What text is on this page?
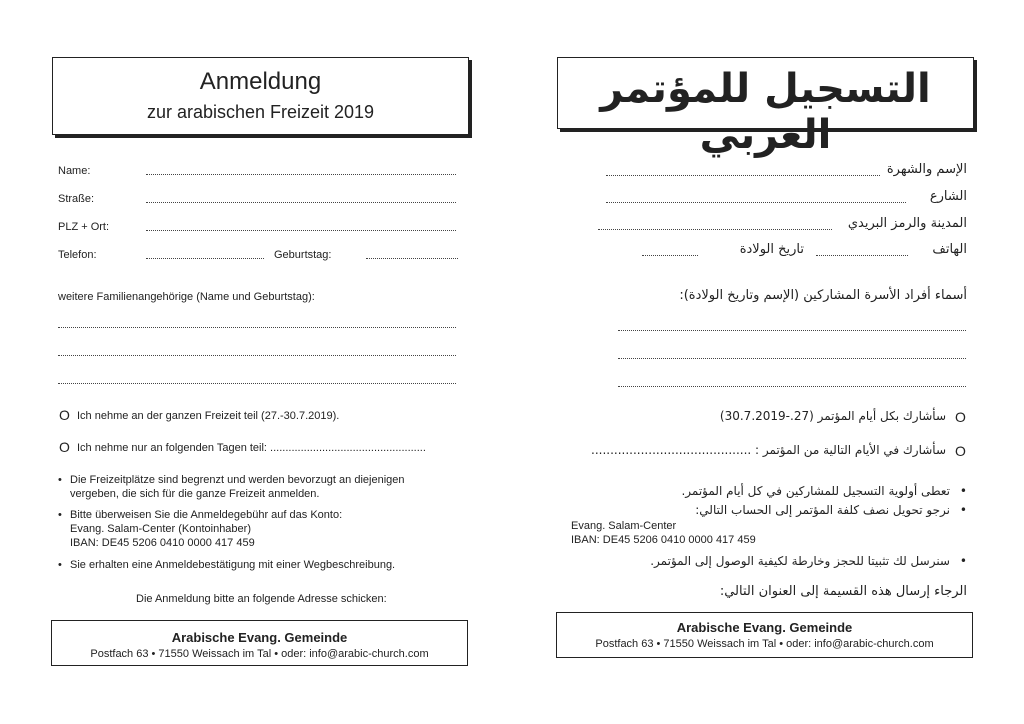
Anmeldung
zur arabischen Freizeit 2019
Name:
Straße:
PLZ + Ort:
Telefon:	Geburtstag:
weitere Familienangehörige (Name und Geburtstag):
O Ich nehme an der ganzen Freizeit teil (27.-30.7.2019).
O Ich nehme nur an folgenden Tagen teil: ...................................................
• Die Freizeitplätze sind begrenzt und werden bevorzugt an diejenigen
vergeben, die sich für die ganze Freizeit anmelden.
• Bitte überweisen Sie die Anmeldegebühr auf das Konto:
Evang. Salam-Center (Kontoinhaber)
IBAN: DE45 5206 0410 0000 417 459
• Sie erhalten eine Anmeldebestätigung mit einer Wegbeschreibung.
Die Anmeldung bitte an folgende Adresse schicken:
Arabische Evang. Gemeinde
Postfach 63 • 71550 Weissach im Tal • oder: info@arabic-church.com
التسجيل للمؤتمر العربي
الإسم والشهرة
الشارع
المدينة والرمز البريدي
الهاتف
تاريخ الولادة
أسماء أفراد الأسرة المشاركين (الإسم وتاريخ الولادة):
O
سأشارك بكل أيام المؤتمر (27.-30.7.2019)
O
سأشارك في الأيام التالية من المؤتمر : ..........................................
•
تعطى أولوية التسجيل للمشاركين في كل أيام المؤتمر.
•
نرجو تحويل نصف كلفة المؤتمر إلى الحساب التالي:
Evang. Salam-Center
IBAN: DE45 5206 0410 0000 417 459
•
سنرسل لك تثبيتا للحجز وخارطة لكيفية الوصول إلى المؤتمر.
الرجاء إرسال هذه القسيمة إلى العنوان التالي:
Arabische Evang. Gemeinde
Postfach 63 • 71550 Weissach im Tal • oder: info@arabic-church.com
